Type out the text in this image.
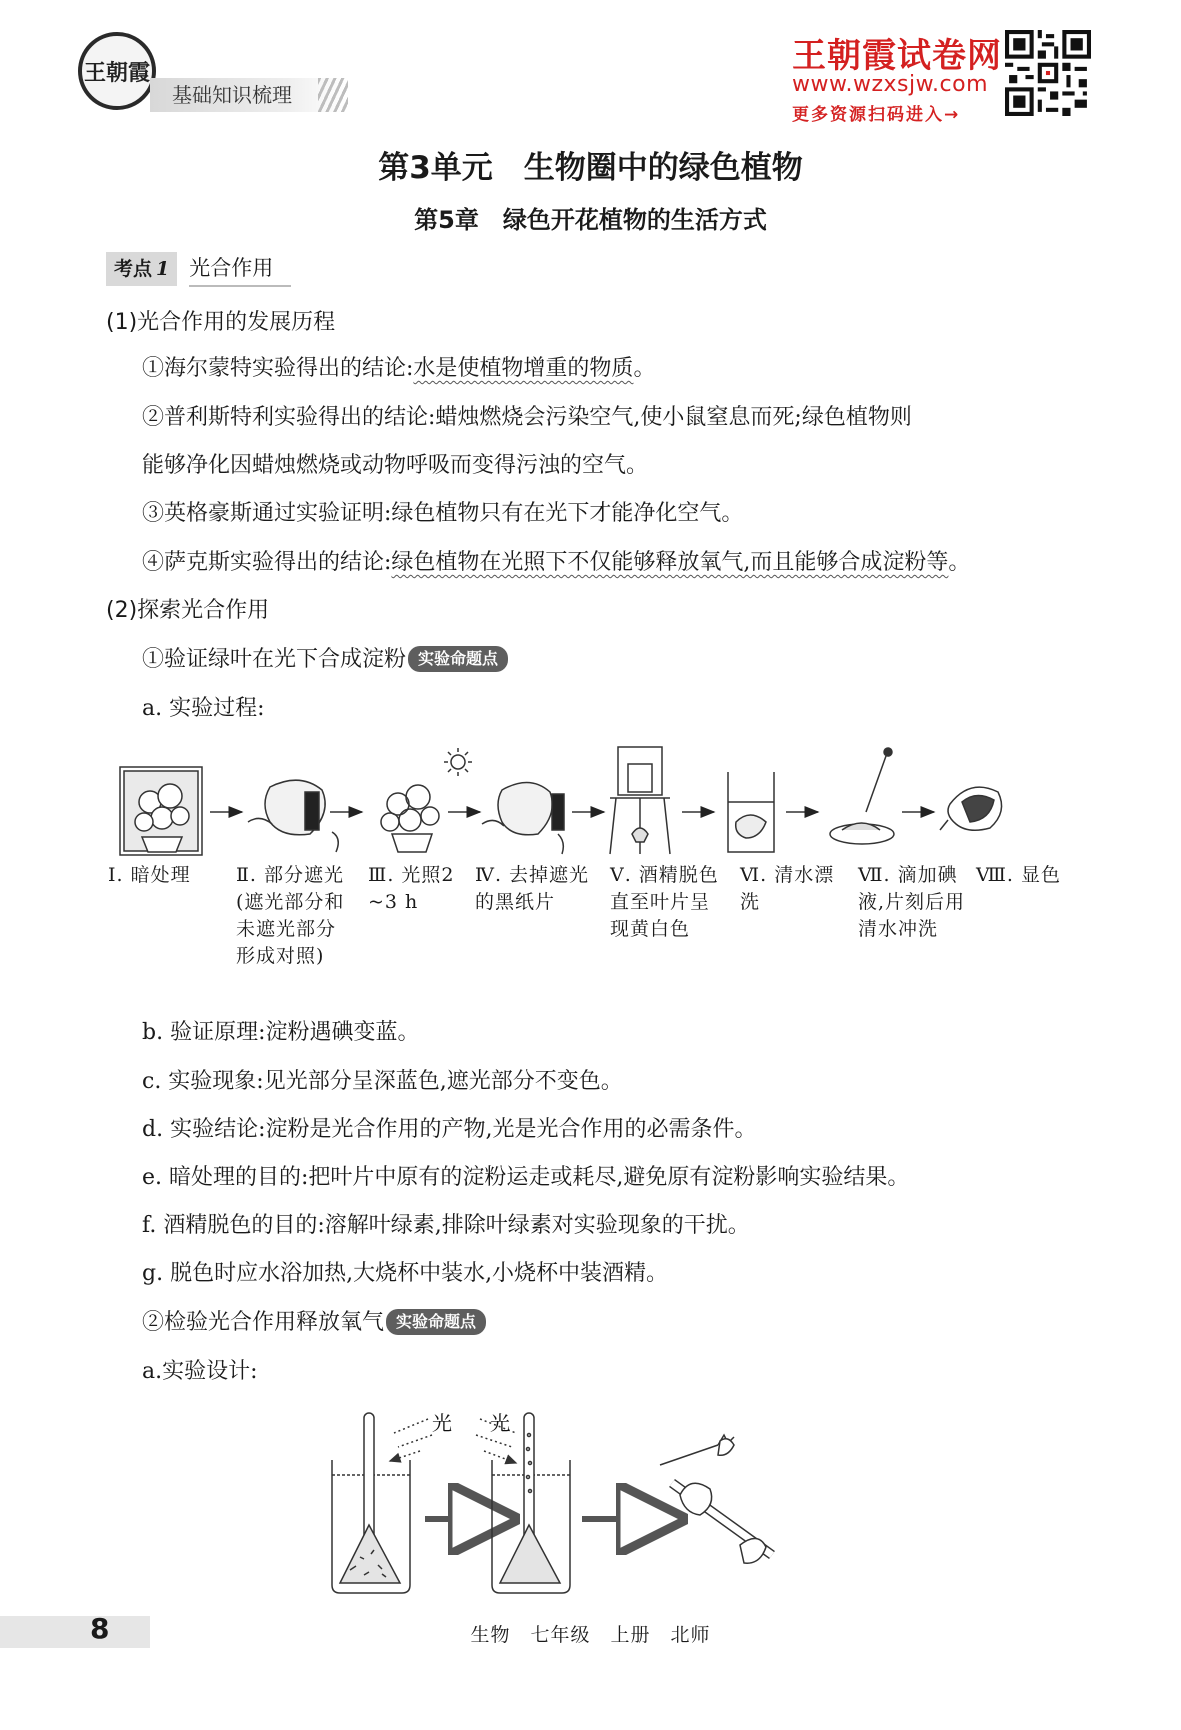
王朝霞
基础知识梳理
王朝霞试卷网
www.wzxsjw.com
更多资源扫码进入→
第3单元　生物圈中的绿色植物
第5章　绿色开花植物的生活方式
考点 1 光合作用
(1)光合作用的发展历程
①海尔蒙特实验得出的结论:水是使植物增重的物质。
②普利斯特利实验得出的结论:蜡烛燃烧会污染空气,使小鼠窒息而死;绿色植物则
能够净化因蜡烛燃烧或动物呼吸而变得污浊的空气。
③英格豪斯通过实验证明:绿色植物只有在光下才能净化空气。
④萨克斯实验得出的结论:绿色植物在光照下不仅能够释放氧气,而且能够合成淀粉等。
(2)探索光合作用
①验证绿叶在光下合成淀粉 实验命题点
a. 实验过程:
Ⅰ. 暗处理	Ⅱ. 部分遮光(遮光部分和未遮光部分形成对照)
Ⅲ. 光照2~3 h
Ⅳ. 去掉遮光的黑纸片
Ⅴ. 酒精脱色直至叶片呈现黄白色
Ⅵ. 清水漂洗
Ⅶ. 滴加碘液,片刻后用清水冲洗
Ⅷ. 显色
b. 验证原理:淀粉遇碘变蓝。
c. 实验现象:见光部分呈深蓝色,遮光部分不变色。
d. 实验结论:淀粉是光合作用的产物,光是光合作用的必需条件。
e. 暗处理的目的:把叶片中原有的淀粉运走或耗尽,避免原有淀粉影响实验结果。
f. 酒精脱色的目的:溶解叶绿素,排除叶绿素对实验现象的干扰。
g. 脱色时应水浴加热,大烧杯中装水,小烧杯中装酒精。
②检验光合作用释放氧气 实验命题点
a.实验设计:
光 光
8	生物　七年级　上册　北师
